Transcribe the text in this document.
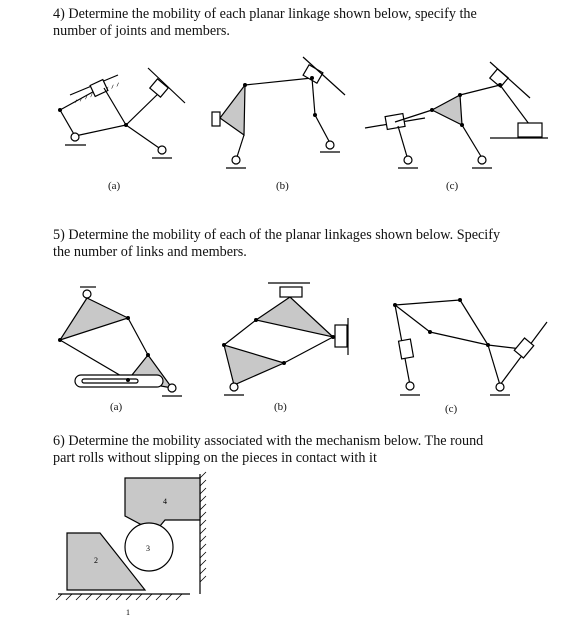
4) Determine the mobility of each planar linkage shown below, specify the
number of joints and members.
(a)	(b)	(c)
5) Determine the mobility of each of the planar linkages shown below. Specify
the number of links and members.
(a)	(b)	(c)
6) Determine the mobility associated with the mechanism below. The round
part rolls without slipping on the pieces in contact with it
2
3
4
1
